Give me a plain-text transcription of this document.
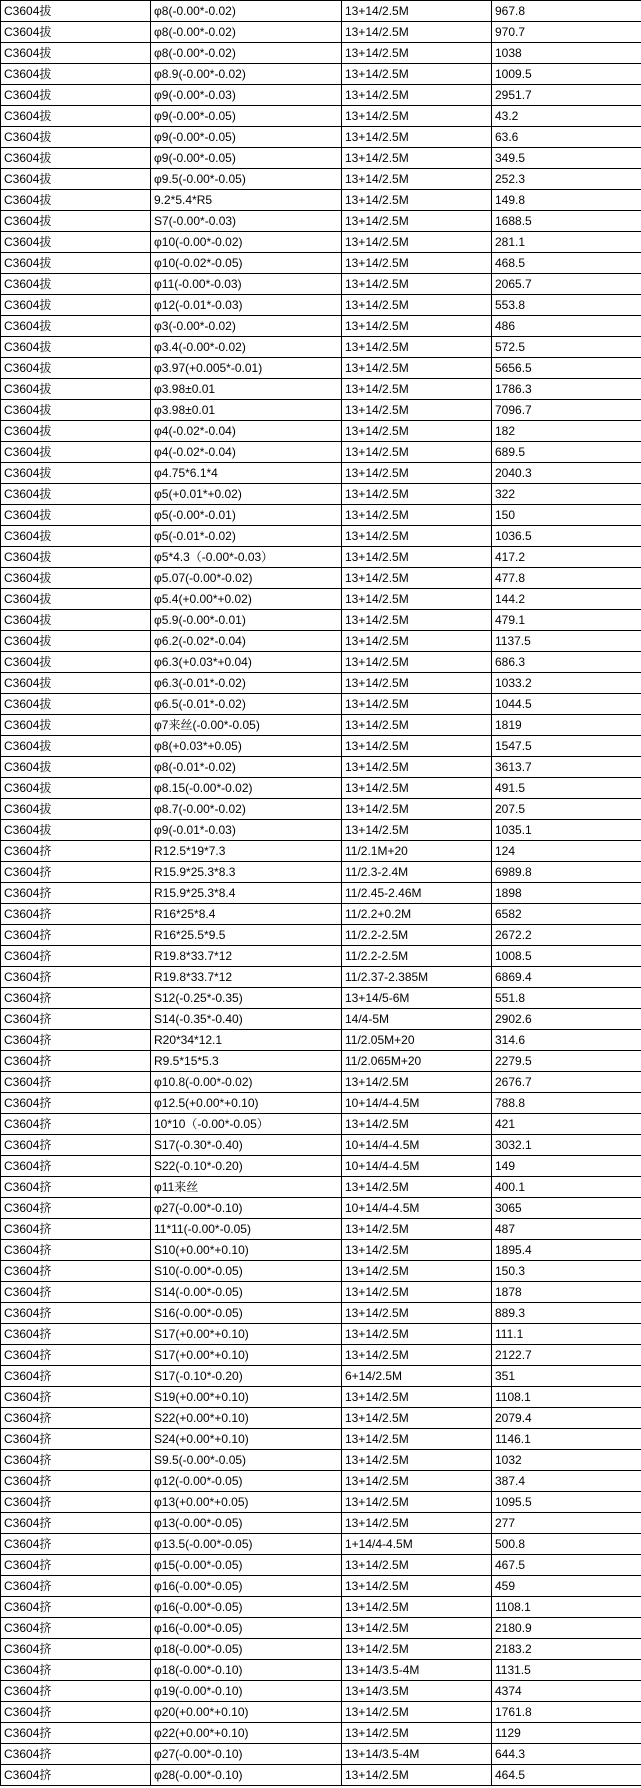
C3604拔	φ8(-0.00*-0.02)	13+14/2.5M	967.8
C3604拔	φ8(-0.00*-0.02)	13+14/2.5M	970.7
C3604拔	φ8(-0.00*-0.02)	13+14/2.5M	1038
C3604拔	φ8.9(-0.00*-0.02)	13+14/2.5M	1009.5
C3604拔	φ9(-0.00*-0.03)	13+14/2.5M	2951.7
C3604拔	φ9(-0.00*-0.05)	13+14/2.5M	43.2
C3604拔	φ9(-0.00*-0.05)	13+14/2.5M	63.6
C3604拔	φ9(-0.00*-0.05)	13+14/2.5M	349.5
C3604拔	φ9.5(-0.00*-0.05)	13+14/2.5M	252.3
C3604拔	9.2*5.4*R5	13+14/2.5M	149.8
C3604拔	S7(-0.00*-0.03)	13+14/2.5M	1688.5
C3604拔	φ10(-0.00*-0.02)	13+14/2.5M	281.1
C3604拔	φ10(-0.02*-0.05)	13+14/2.5M	468.5
C3604拔	φ11(-0.00*-0.03)	13+14/2.5M	2065.7
C3604拔	φ12(-0.01*-0.03)	13+14/2.5M	553.8
C3604拔	φ3(-0.00*-0.02)	13+14/2.5M	486
C3604拔	φ3.4(-0.00*-0.02)	13+14/2.5M	572.5
C3604拔	φ3.97(+0.005*-0.01)	13+14/2.5M	5656.5
C3604拔	φ3.98±0.01	13+14/2.5M	1786.3
C3604拔	φ3.98±0.01	13+14/2.5M	7096.7
C3604拔	φ4(-0.02*-0.04)	13+14/2.5M	182
C3604拔	φ4(-0.02*-0.04)	13+14/2.5M	689.5
C3604拔	φ4.75*6.1*4	13+14/2.5M	2040.3
C3604拔	φ5(+0.01*+0.02)	13+14/2.5M	322
C3604拔	φ5(-0.00*-0.01)	13+14/2.5M	150
C3604拔	φ5(-0.01*-0.02)	13+14/2.5M	1036.5
C3604拔	φ5*4.3（-0.00*-0.03）	13+14/2.5M	417.2
C3604拔	φ5.07(-0.00*-0.02)	13+14/2.5M	477.8
C3604拔	φ5.4(+0.00*+0.02)	13+14/2.5M	144.2
C3604拔	φ5.9(-0.00*-0.01)	13+14/2.5M	479.1
C3604拔	φ6.2(-0.02*-0.04)	13+14/2.5M	1137.5
C3604拔	φ6.3(+0.03*+0.04)	13+14/2.5M	686.3
C3604拔	φ6.3(-0.01*-0.02)	13+14/2.5M	1033.2
C3604拔	φ6.5(-0.01*-0.02)	13+14/2.5M	1044.5
C3604拔	φ7来丝(-0.00*-0.05)	13+14/2.5M	1819
C3604拔	φ8(+0.03*+0.05)	13+14/2.5M	1547.5
C3604拔	φ8(-0.01*-0.02)	13+14/2.5M	3613.7
C3604拔	φ8.15(-0.00*-0.02)	13+14/2.5M	491.5
C3604拔	φ8.7(-0.00*-0.02)	13+14/2.5M	207.5
C3604拔	φ9(-0.01*-0.03)	13+14/2.5M	1035.1
C3604挤	R12.5*19*7.3	11/2.1M+20	124
C3604挤	R15.9*25.3*8.3	11/2.3-2.4M	6989.8
C3604挤	R15.9*25.3*8.4	11/2.45-2.46M	1898
C3604挤	R16*25*8.4	11/2.2+0.2M	6582
C3604挤	R16*25.5*9.5	11/2.2-2.5M	2672.2
C3604挤	R19.8*33.7*12	11/2.2-2.5M	1008.5
C3604挤	R19.8*33.7*12	11/2.37-2.385M	6869.4
C3604挤	S12(-0.25*-0.35)	13+14/5-6M	551.8
C3604挤	S14(-0.35*-0.40)	14/4-5M	2902.6
C3604挤	R20*34*12.1	11/2.05M+20	314.6
C3604挤	R9.5*15*5.3	11/2.065M+20	2279.5
C3604挤	φ10.8(-0.00*-0.02)	13+14/2.5M	2676.7
C3604挤	φ12.5(+0.00*+0.10)	10+14/4-4.5M	788.8
C3604挤	10*10（-0.00*-0.05）	13+14/2.5M	421
C3604挤	S17(-0.30*-0.40)	10+14/4-4.5M	3032.1
C3604挤	S22(-0.10*-0.20)	10+14/4-4.5M	149
C3604挤	φ11来丝	13+14/2.5M	400.1
C3604挤	φ27(-0.00*-0.10)	10+14/4-4.5M	3065
C3604挤	11*11(-0.00*-0.05)	13+14/2.5M	487
C3604挤	S10(+0.00*+0.10)	13+14/2.5M	1895.4
C3604挤	S10(-0.00*-0.05)	13+14/2.5M	150.3
C3604挤	S14(-0.00*-0.05)	13+14/2.5M	1878
C3604挤	S16(-0.00*-0.05)	13+14/2.5M	889.3
C3604挤	S17(+0.00*+0.10)	13+14/2.5M	111.1
C3604挤	S17(+0.00*+0.10)	13+14/2.5M	2122.7
C3604挤	S17(-0.10*-0.20)	6+14/2.5M	351
C3604挤	S19(+0.00*+0.10)	13+14/2.5M	1108.1
C3604挤	S22(+0.00*+0.10)	13+14/2.5M	2079.4
C3604挤	S24(+0.00*+0.10)	13+14/2.5M	1146.1
C3604挤	S9.5(-0.00*-0.05)	13+14/2.5M	1032
C3604挤	φ12(-0.00*-0.05)	13+14/2.5M	387.4
C3604挤	φ13(+0.00*+0.05)	13+14/2.5M	1095.5
C3604挤	φ13(-0.00*-0.05)	13+14/2.5M	277
C3604挤	φ13.5(-0.00*-0.05)	1+14/4-4.5M	500.8
C3604挤	φ15(-0.00*-0.05)	13+14/2.5M	467.5
C3604挤	φ16(-0.00*-0.05)	13+14/2.5M	459
C3604挤	φ16(-0.00*-0.05)	13+14/2.5M	1108.1
C3604挤	φ16(-0.00*-0.05)	13+14/2.5M	2180.9
C3604挤	φ18(-0.00*-0.05)	13+14/2.5M	2183.2
C3604挤	φ18(-0.00*-0.10)	13+14/3.5-4M	1131.5
C3604挤	φ19(-0.00*-0.10)	13+14/3.5M	4374
C3604挤	φ20(+0.00*+0.10)	13+14/2.5M	1761.8
C3604挤	φ22(+0.00*+0.10)	13+14/2.5M	1129
C3604挤	φ27(-0.00*-0.10)	13+14/3.5-4M	644.3
C3604挤	φ28(-0.00*-0.10)	13+14/2.5M	464.5
